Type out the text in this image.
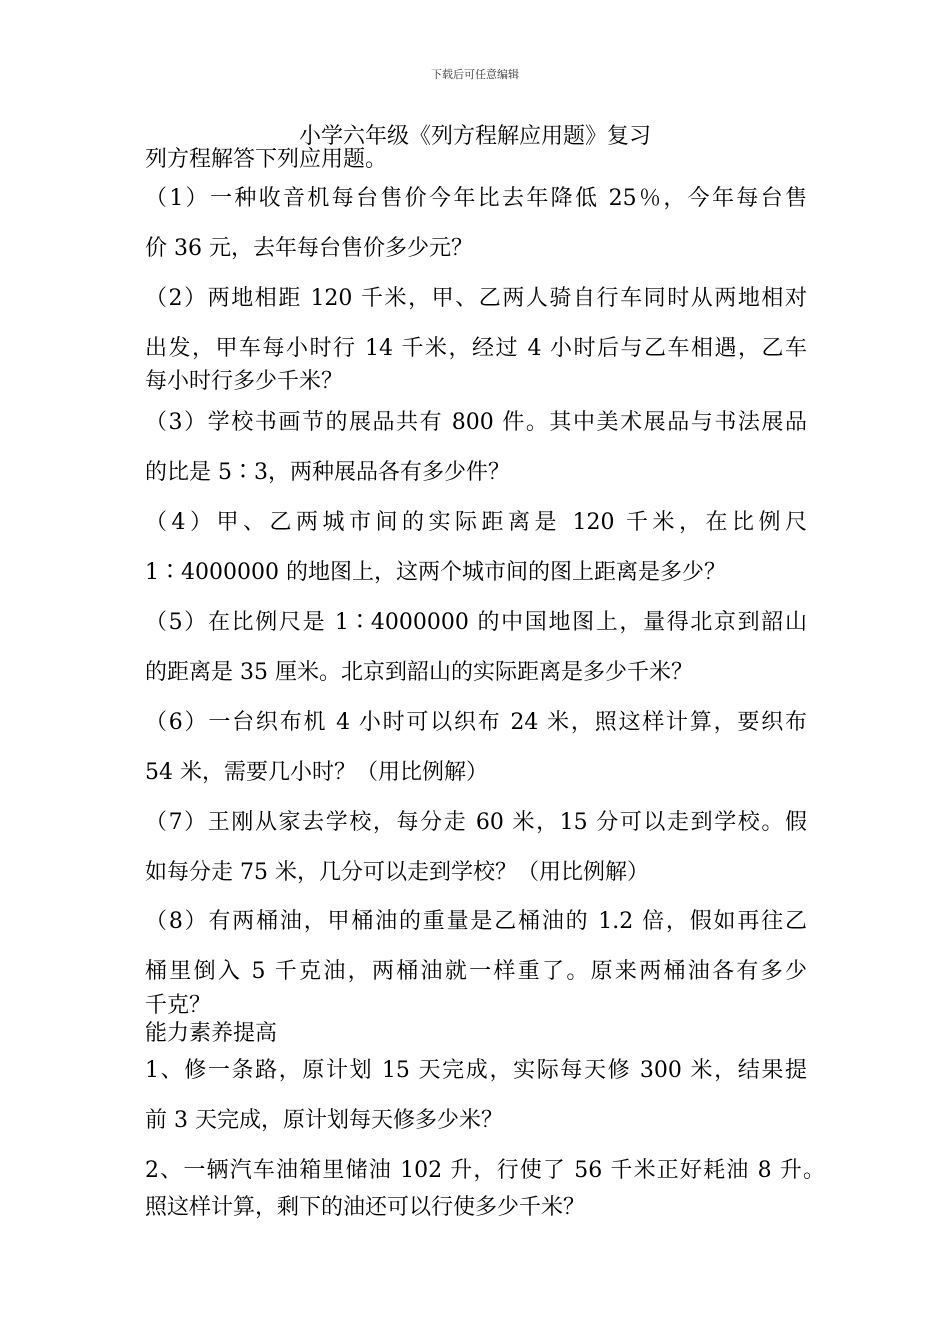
下载后可任意编辑
小学六年级《列方程解应用题》复习
列方程解答下列应用题。
（1）一种收音机每台售价今年比去年降低 25％，今年每台售
价 36 元，去年每台售价多少元？
（2）两地相距 120 千米，甲、乙两人骑自行车同时从两地相对
出发，甲车每小时行 14 千米，经过 4 小时后与乙车相遇，乙车
每小时行多少千米？
（3）学校书画节的展品共有 800 件。其中美术展品与书法展品
的比是 5∶3，两种展品各有多少件？
（4）甲、乙两城市间的实际距离是 120 千米，在比例尺
1∶4000000 的地图上，这两个城市间的图上距离是多少？
（5）在比例尺是 1∶4000000 的中国地图上，量得北京到韶山
的距离是 35 厘米。北京到韶山的实际距离是多少千米？
（6）一台织布机 4 小时可以织布 24 米，照这样计算，要织布
54 米，需要几小时？（用比例解）
（7）王刚从家去学校，每分走 60 米，15 分可以走到学校。假
如每分走 75 米，几分可以走到学校？（用比例解）
（8）有两桶油，甲桶油的重量是乙桶油的 1.2 倍，假如再往乙
桶里倒入 5 千克油，两桶油就一样重了。原来两桶油各有多少
千克？
能力素养提高
1、修一条路，原计划 15 天完成，实际每天修 300 米，结果提
前 3 天完成，原计划每天修多少米？
2、一辆汽车油箱里储油 102 升，行使了 56 千米正好耗油 8 升。
照这样计算，剩下的油还可以行使多少千米？
